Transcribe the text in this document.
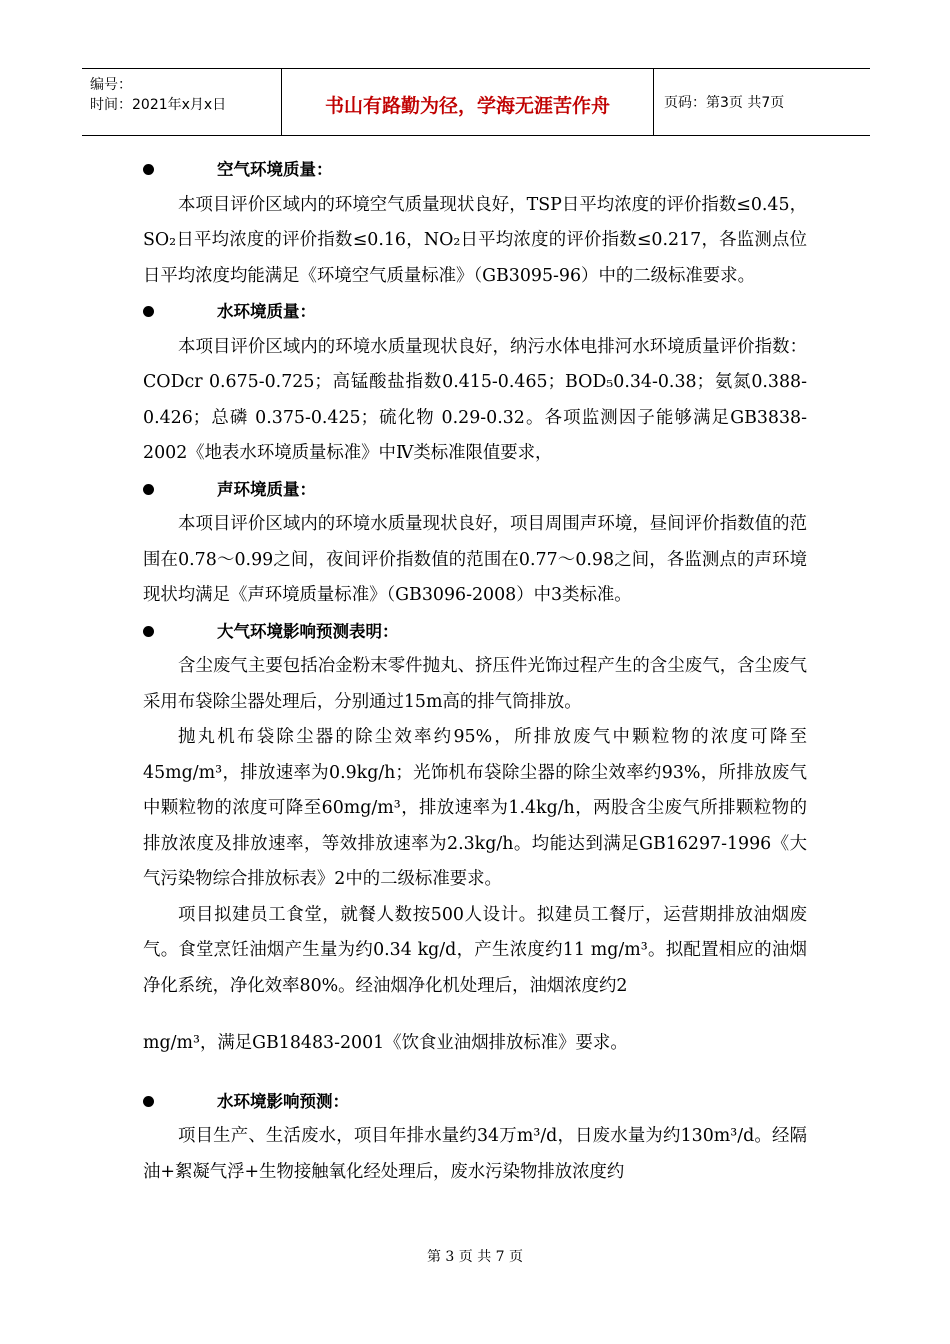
编号：
时间：2021年x月x日	书山有路勤为径，学海无涯苦作舟	页码：第3页 共7页
空气环境质量：

本项目评价区域内的环境空气质量现状良好，TSP日平均浓度的评价指数≤0.45，SO₂日平均浓度的评价指数≤0.16，NO₂日平均浓度的评价指数≤0.217，各监测点位日平均浓度均能满足《环境空气质量标准》（GB3095-96）中的二级标准要求。

水环境质量：

本项目评价区域内的环境水质量现状良好，纳污水体电排河水环境质量评价指数：CODcr 0.675-0.725；高锰酸盐指数0.415-0.465；BOD₅0.34-0.38；氨氮0.388-0.426；总磷 0.375-0.425；硫化物 0.29-0.32。各项监测因子能够满足GB3838-2002《地表水环境质量标准》中Ⅳ类标准限值要求，

声环境质量：

本项目评价区域内的环境水质量现状良好，项目周围声环境，昼间评价指数值的范围在0.78～0.99之间，夜间评价指数值的范围在0.77～0.98之间，各监测点的声环境现状均满足《声环境质量标准》（GB3096-2008）中3类标准。

大气环境影响预测表明：

含尘废气主要包括冶金粉末零件抛丸、挤压件光饰过程产生的含尘废气，含尘废气采用布袋除尘器处理后，分别通过15m高的排气筒排放。

抛丸机布袋除尘器的除尘效率约95%，所排放废气中颗粒物的浓度可降至45mg/m³，排放速率为0.9kg/h；光饰机布袋除尘器的除尘效率约93%，所排放废气中颗粒物的浓度可降至60mg/m³，排放速率为1.4kg/h，两股含尘废气所排颗粒物的排放浓度及排放速率，等效排放速率为2.3kg/h。均能达到满足GB16297-1996《大气污染物综合排放标表》2中的二级标准要求。

项目拟建员工食堂，就餐人数按500人设计。拟建员工餐厅，运营期排放油烟废气。食堂烹饪油烟产生量为约0.34 kg/d，产生浓度约11 mg/m³。拟配置相应的油烟净化系统，净化效率80%。经油烟净化机处理后，油烟浓度约2

mg/m³，满足GB18483-2001《饮食业油烟排放标准》要求。

水环境影响预测：

项目生产、生活废水，项目年排水量约34万m³/d，日废水量为约130m³/d。经隔油+絮凝气浮+生物接触氧化经处理后，废水污染物排放浓度约

第 3 页 共 7 页
